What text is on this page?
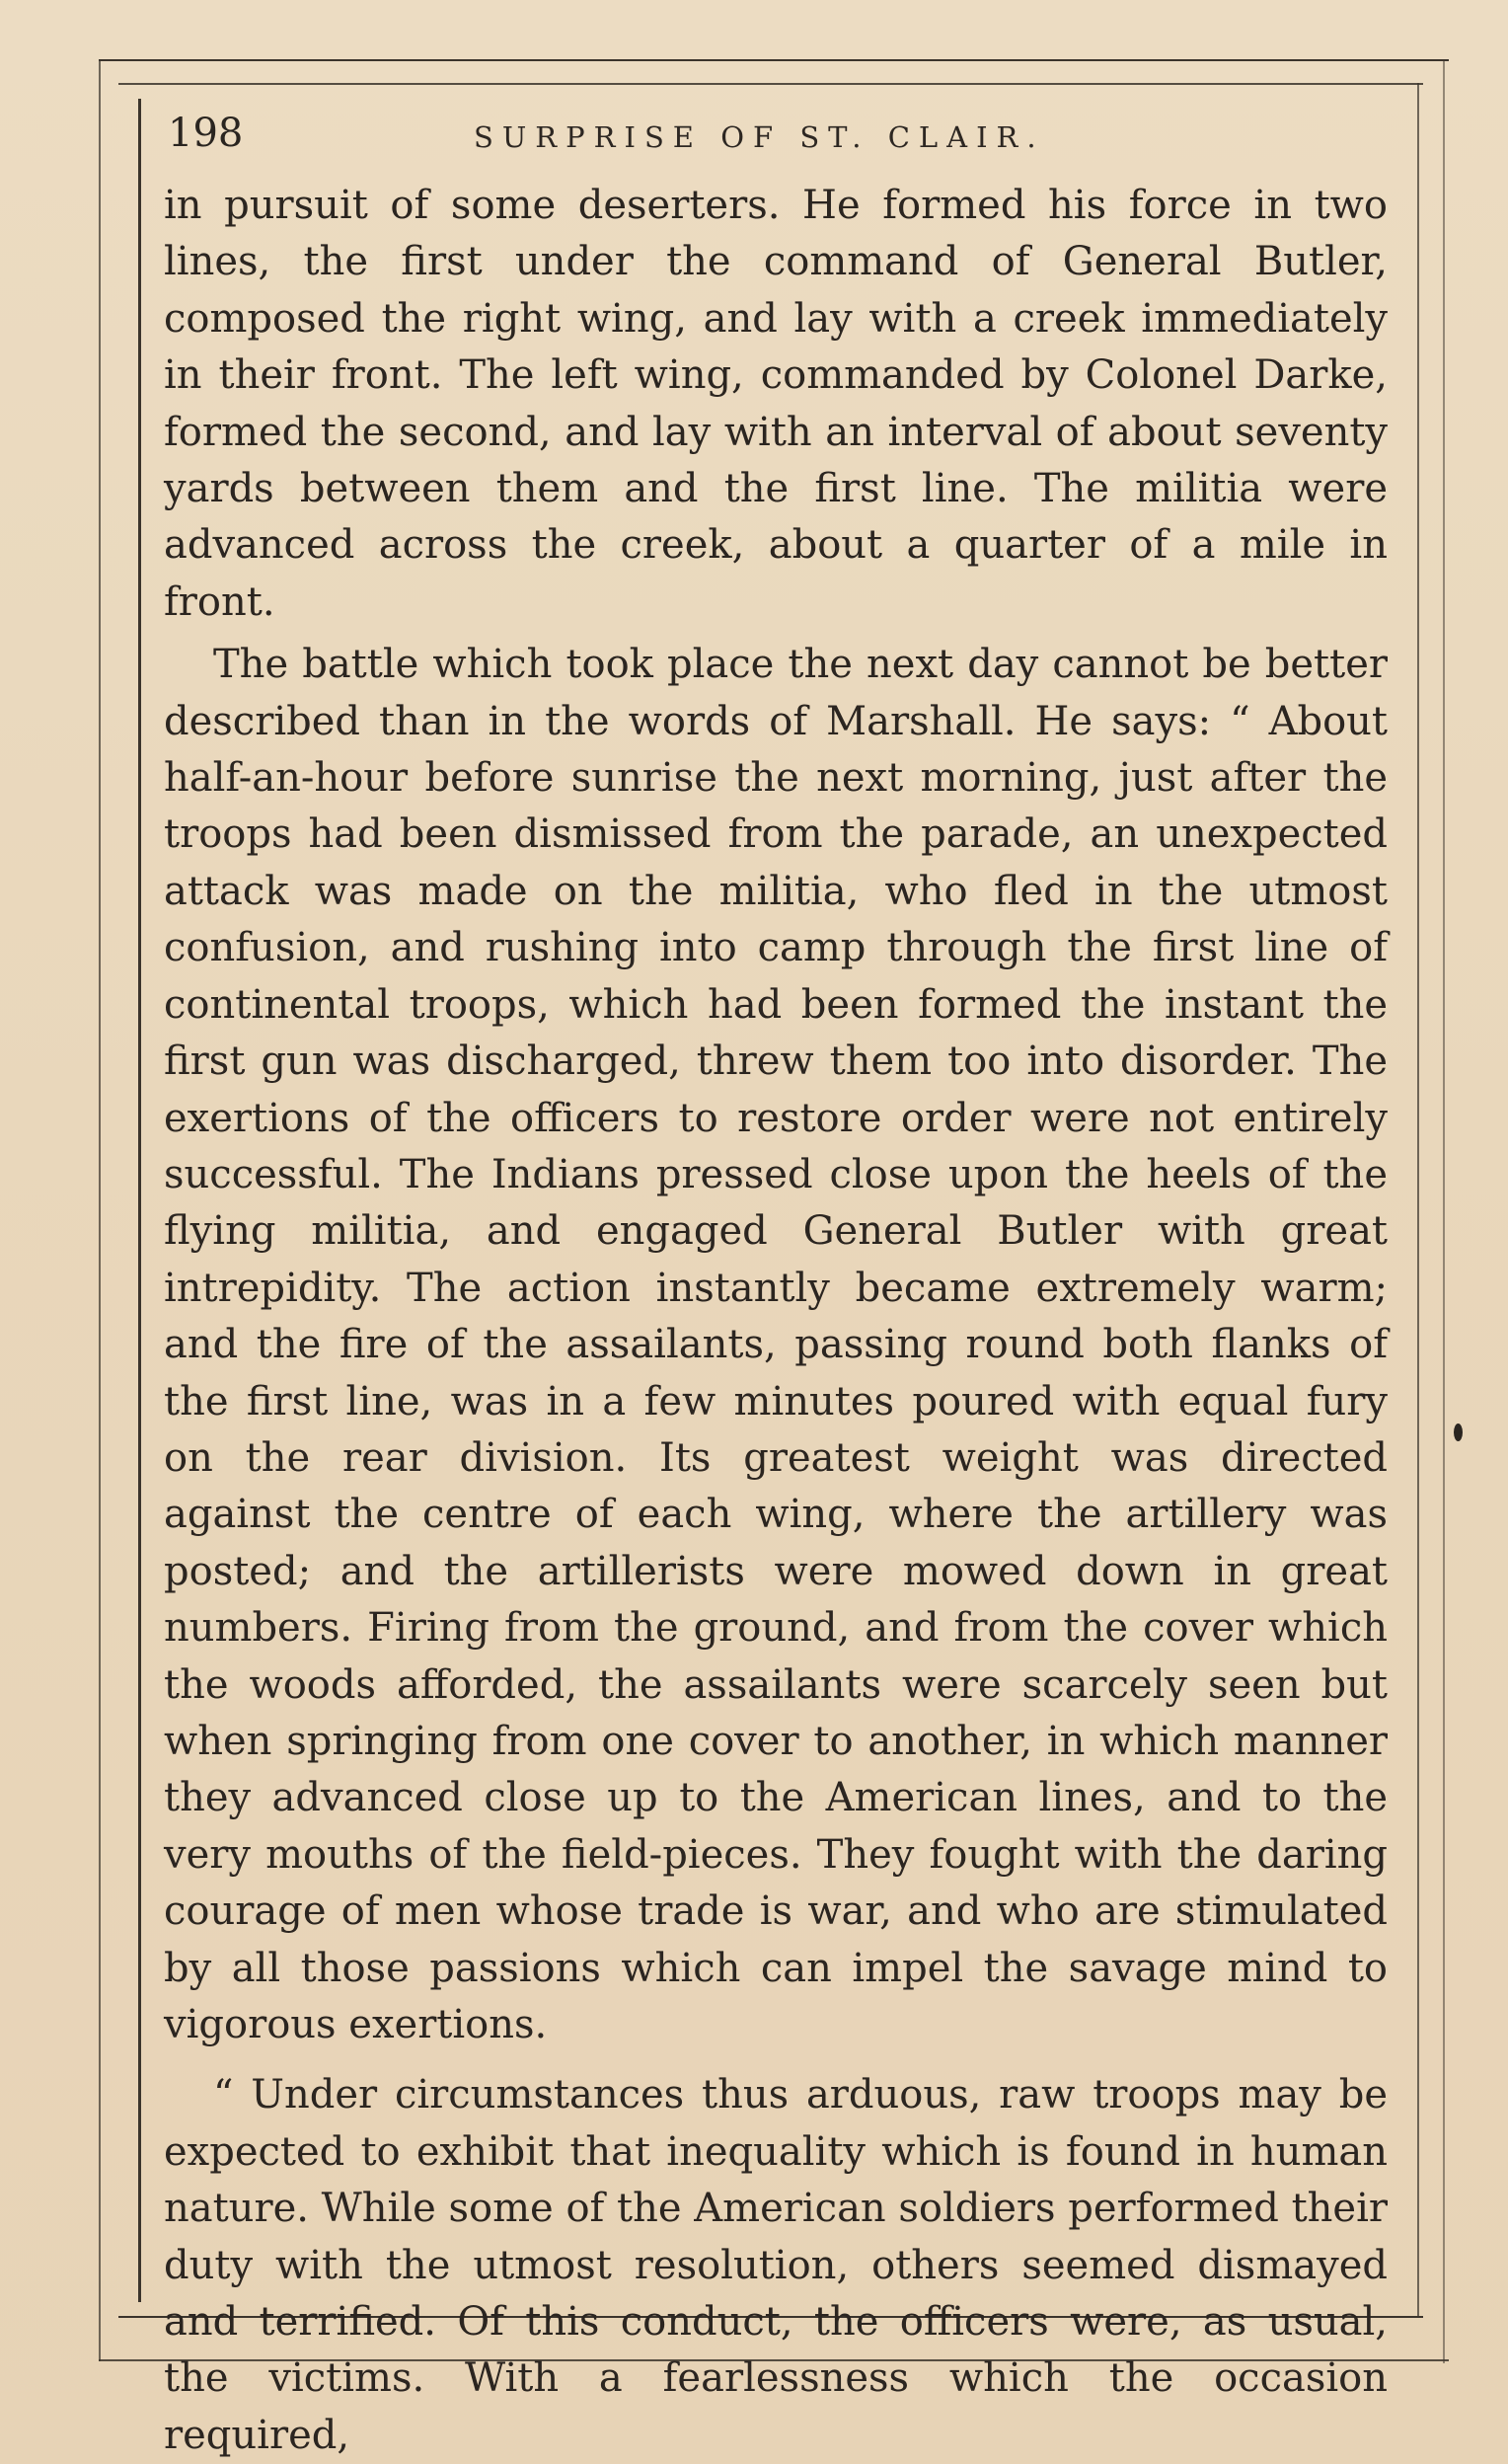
198	SURPRISE OF ST. CLAIR.

in pursuit of some deserters. He formed his force in two lines, the first under the command of General Butler, composed the right wing, and lay with a creek immediately in their front. The left wing, commanded by Colonel Darke, formed the second, and lay with an interval of about seventy yards between them and the first line. The militia were advanced across the creek, about a quarter of a mile in front.

The battle which took place the next day cannot be better described than in the words of Marshall. He says: “ About half-an-hour before sunrise the next morning, just after the troops had been dismissed from the parade, an unexpected attack was made on the militia, who fled in the utmost confusion, and rushing into camp through the first line of continental troops, which had been formed the instant the first gun was discharged, threw them too into disorder. The exertions of the officers to restore order were not entirely successful. The Indians pressed close upon the heels of the flying militia, and engaged General Butler with great intrepidity. The action instantly became extremely warm; and the fire of the assailants, passing round both flanks of the first line, was in a few minutes poured with equal fury on the rear division. Its greatest weight was directed against the centre of each wing, where the artillery was posted; and the artillerists were mowed down in great numbers. Firing from the ground, and from the cover which the woods afforded, the assailants were scarcely seen but when springing from one cover to another, in which manner they advanced close up to the American lines, and to the very mouths of the field-pieces. They fought with the daring courage of men whose trade is war, and who are stimulated by all those passions which can impel the savage mind to vigorous exertions.

“ Under circumstances thus arduous, raw troops may be expected to exhibit that inequality which is found in human nature. While some of the American soldiers performed their duty with the utmost resolution, others seemed dismayed and terrified. Of this conduct, the officers were, as usual, the victims. With a fearlessness which the occasion required,
